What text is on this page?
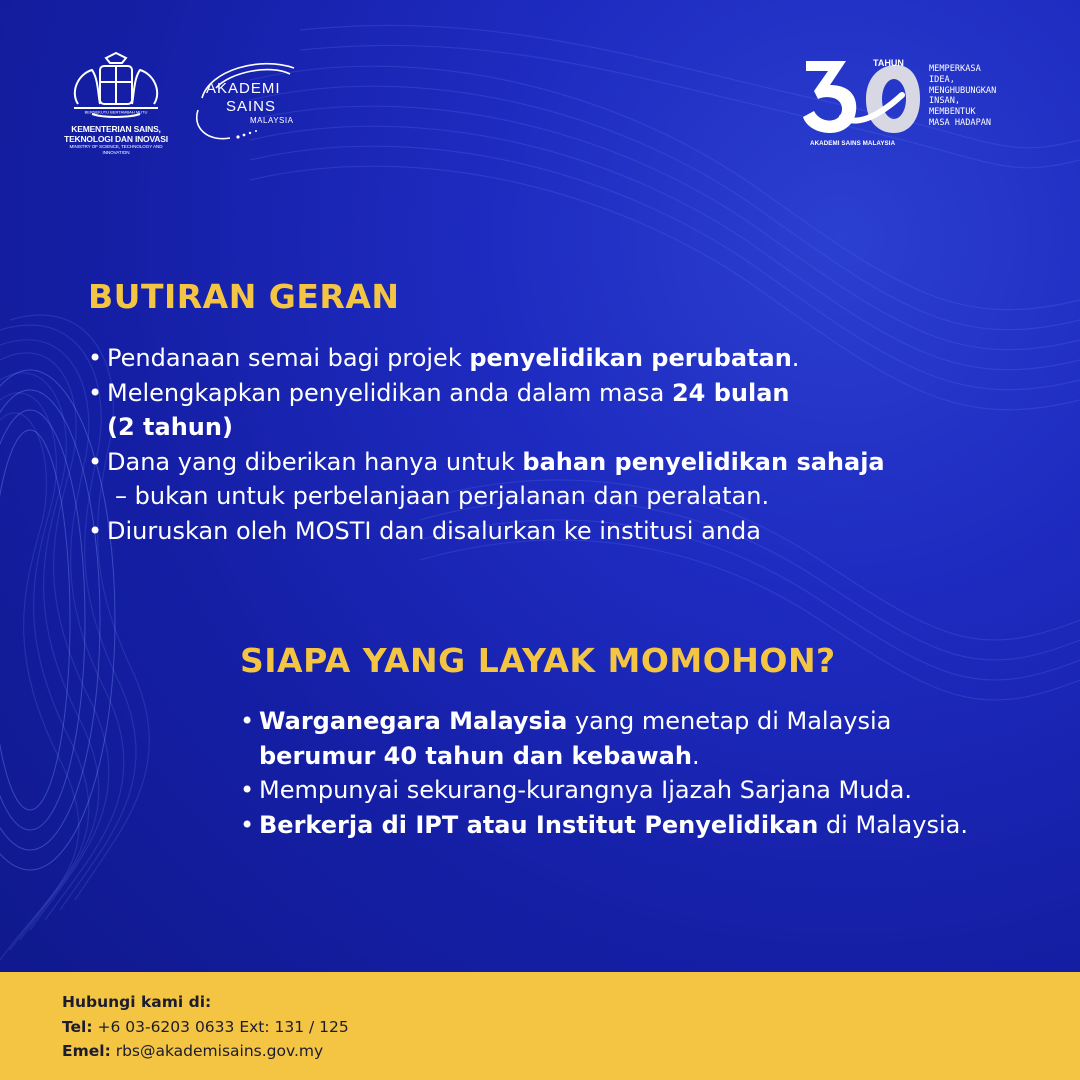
BERSEKUTU BERTAMBAH MUTU
KEMENTERIAN SAINS,
TEKNOLOGI DAN INOVASI
MINISTRY OF SCIENCE, TECHNOLOGY AND INNOVATION
AKADEMI
SAINS
MALAYSIA
TAHUN
AKADEMI SAINS MALAYSIA
MEMPERKASA
IDEA,
MENGHUBUNGKAN
INSAN,
MEMBENTUK
MASA HADAPAN
BUTIRAN GERAN
• Pendanaan semai bagi projek penyelidikan perubatan.
• Melengkapkan penyelidikan anda dalam masa 24 bulan
(2 tahun)
• Dana yang diberikan hanya untuk bahan penyelidikan sahaja
– bukan untuk perbelanjaan perjalanan dan peralatan.
• Diuruskan oleh MOSTI dan disalurkan ke institusi anda
SIAPA YANG LAYAK MOMOHON?
• Warganegara Malaysia yang menetap di Malaysia
berumur 40 tahun dan kebawah.
• Mempunyai sekurang-kurangnya Ijazah Sarjana Muda.
• Berkerja di IPT atau Institut Penyelidikan di Malaysia.
Hubungi kami di:
Tel: +6 03-6203 0633 Ext: 131 / 125
Emel: rbs@akademisains.gov.my
